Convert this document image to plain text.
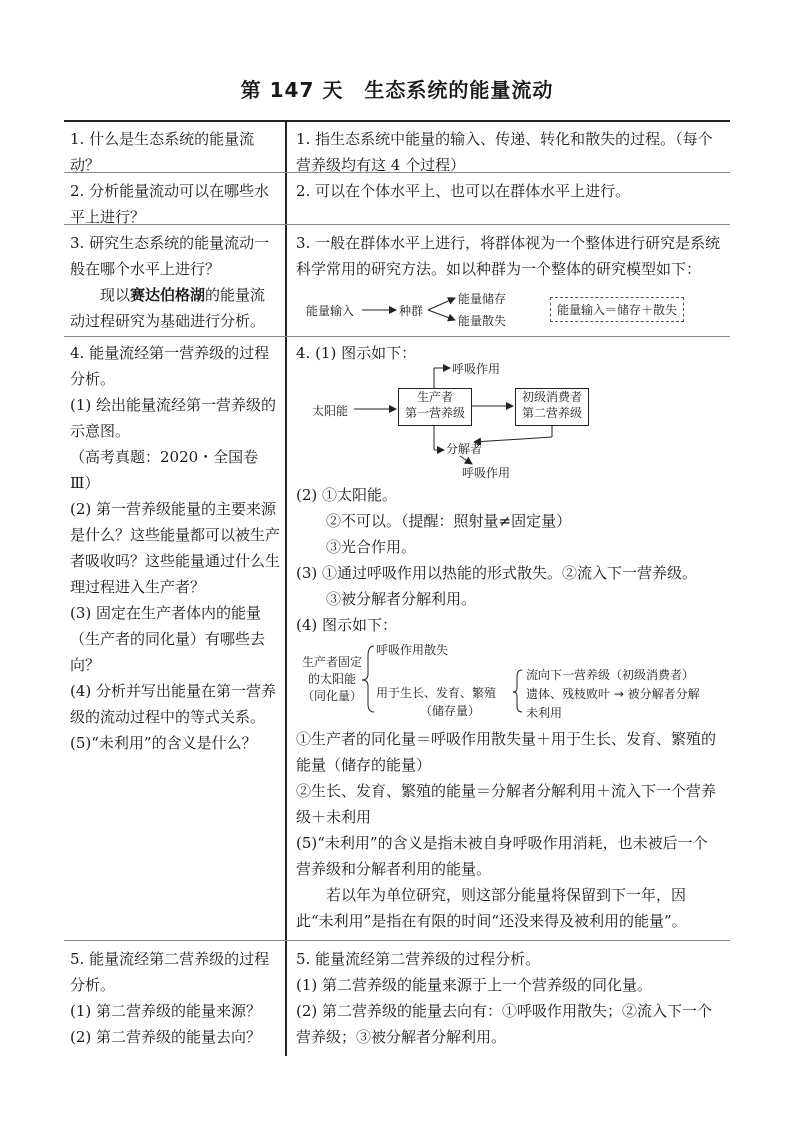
第 147 天　生态系统的能量流动
1. 什么是生态系统的能量流动？
2. 分析能量流动可以在哪些水平上进行？

3. 研究生态系统的能量流动一般在哪个水平上进行？

现以赛达伯格湖的能量流动过程研究为基础进行分析。

4. 能量流经第一营养级的过程分析。

(1) 绘出能量流经第一营养级的示意图。

（高考真题：2020・全国卷Ⅲ）

(2) 第一营养级能量的主要来源是什么？这些能量都可以被生产者吸收吗？这些能量通过什么生理过程进入生产者？

(3) 固定在生产者体内的能量（生产者的同化量）有哪些去向？

(4) 分析并写出能量在第一营养级的流动过程中的等式关系。

(5)“未利用”的含义是什么？

5. 能量流经第二营养级的过程分析。

(1) 第二营养级的能量来源？

(2) 第二营养级的能量去向？

1. 指生态系统中能量的输入、传递、转化和散失的过程。（每个营养级均有这 4 个过程）

2. 可以在个体水平上、也可以在群体水平上进行。
3. 一般在群体水平上进行，将群体视为一个整体进行研究是系统科学常用的研究方法。如以种群为一个整体的研究模型如下：
能量输入	种群
能量储存
能量散失
能量输入＝储存＋散失
4. (1) 图示如下：
太阳能
生产者
第一营养级
初级消费者
第二营养级
呼吸作用
分解者
呼吸作用

(2) ①太阳能。

②不可以。（提醒：照射量≠固定量）

③光合作用。

(3) ①通过呼吸作用以热能的形式散失。②流入下一营养级。

③被分解者分解利用。

(4) 图示如下：

生产者固定
的太阳能
（同化量）
呼吸作用散失
用于生长、发育、繁殖
（储存量）
流向下一营养级（初级消费者）
遗体、残枝败叶 → 被分解者分解
未利用

①生产者的同化量＝呼吸作用散失量＋用于生长、发育、繁殖的能量（储存的能量）

②生长、发育、繁殖的能量＝分解者分解利用＋流入下一个营养级＋未利用

(5)“未利用”的含义是指未被自身呼吸作用消耗，也未被后一个营养级和分解者利用的能量。

若以年为单位研究，则这部分能量将保留到下一年，因此“未利用”是指在有限的时间“还没来得及被利用的能量”。

5. 能量流经第二营养级的过程分析。

(1) 第二营养级的能量来源于上一个营养级的同化量。

(2) 第二营养级的能量去向有：①呼吸作用散失；②流入下一个营养级；③被分解者分解利用。
